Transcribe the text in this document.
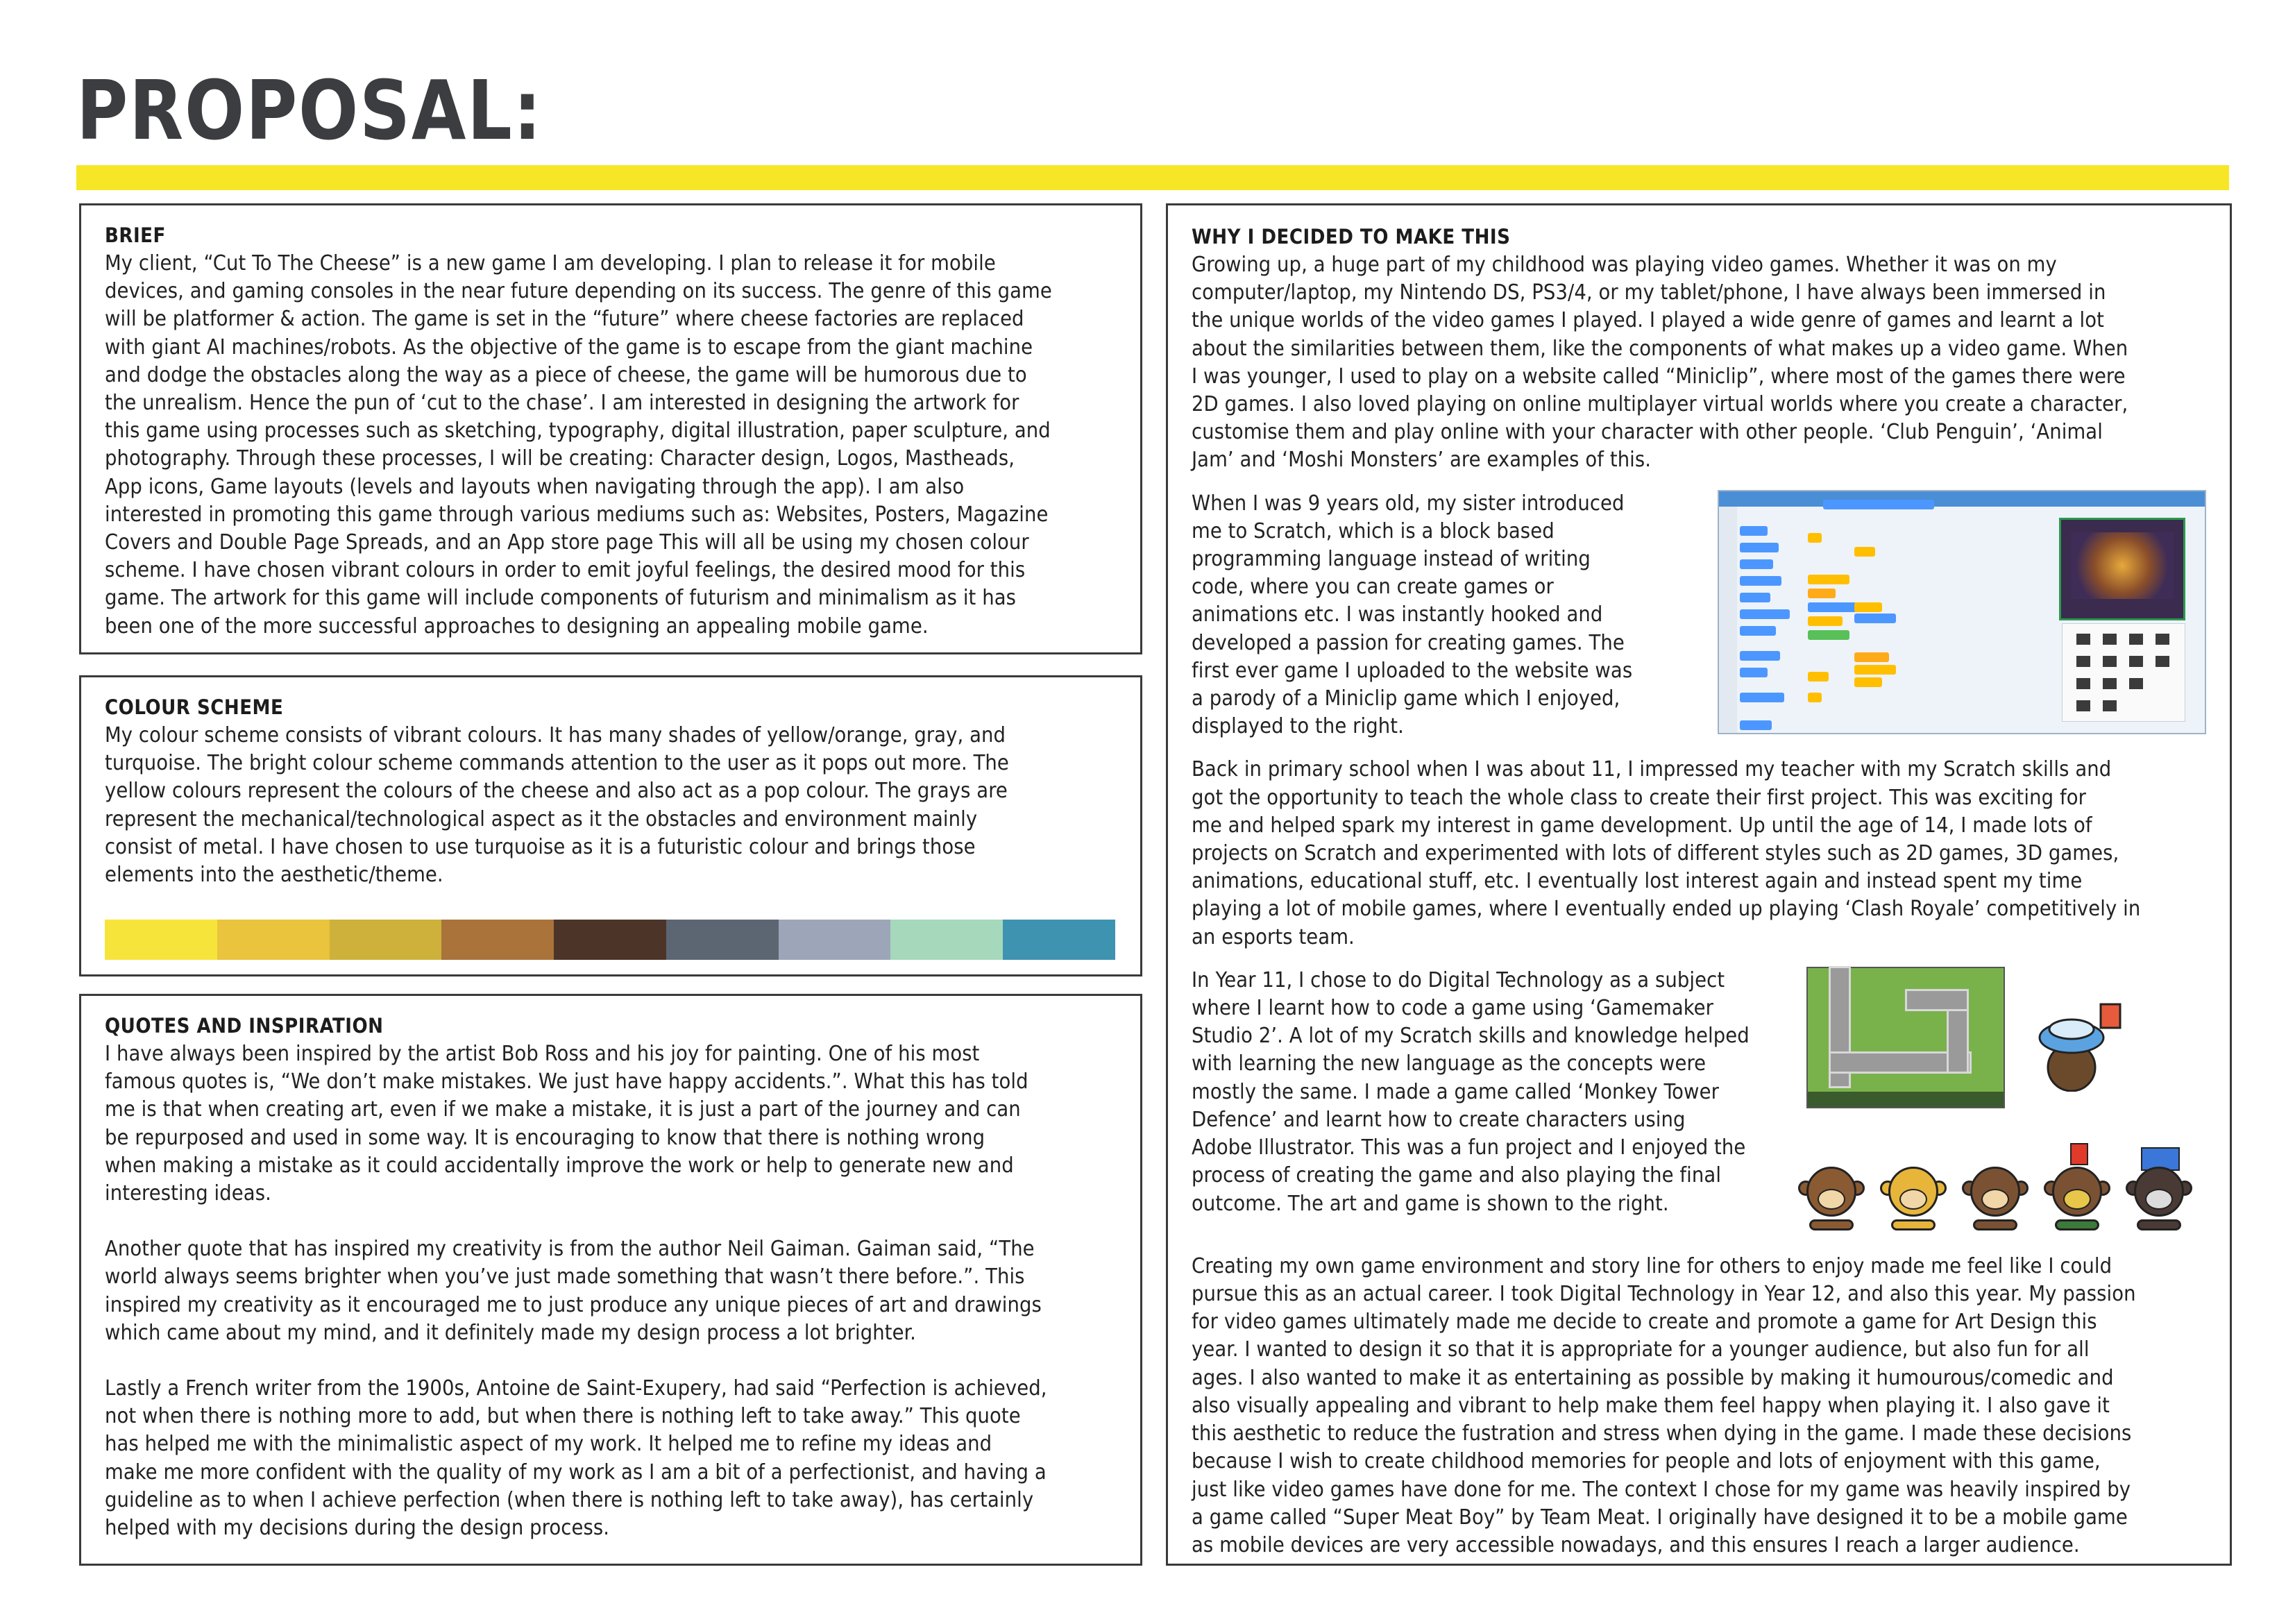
PROPOSAL:
BRIEF

My client, “Cut To The Cheese” is a new game I am developing. I plan to release it for mobile
devices, and gaming consoles in the near future depending on its success. The genre of this game
will be platformer & action. The game is set in the “future” where cheese factories are replaced
with giant AI machines/robots. As the objective of the game is to escape from the giant machine
and dodge the obstacles along the way as a piece of cheese, the game will be humorous due to
the unrealism. Hence the pun of ‘cut to the chase’. I am interested in designing the artwork for
this game using processes such as sketching, typography, digital illustration, paper sculpture, and
photography. Through these processes, I will be creating: Character design, Logos, Mastheads,
App icons, Game layouts (levels and layouts when navigating through the app). I am also
interested in promoting this game through various mediums such as: Websites, Posters, Magazine
Covers and Double Page Spreads, and an App store page This will all be using my chosen colour
scheme. I have chosen vibrant colours in order to emit joyful feelings, the desired mood for this
game. The artwork for this game will include components of futurism and minimalism as it has
been one of the more successful approaches to designing an appealing mobile game.

COLOUR SCHEME

My colour scheme consists of vibrant colours. It has many shades of yellow/orange, gray, and
turquoise. The bright colour scheme commands attention to the user as it pops out more. The
yellow colours represent the colours of the cheese and also act as a pop colour. The grays are
represent the mechanical/technological aspect as it the obstacles and environment mainly
consist of metal. I have chosen to use turquoise as it is a futuristic colour and brings those
elements into the aesthetic/theme.

QUOTES AND INSPIRATION

I have always been inspired by the artist Bob Ross and his joy for painting. One of his most
famous quotes is, “We don’t make mistakes. We just have happy accidents.”. What this has told
me is that when creating art, even if we make a mistake, it is just a part of the journey and can
be repurposed and used in some way. It is encouraging to know that there is nothing wrong
when making a mistake as it could accidentally improve the work or help to generate new and
interesting ideas.

Another quote that has inspired my creativity is from the author Neil Gaiman. Gaiman said, “The
world always seems brighter when you’ve just made something that wasn’t there before.”. This
inspired my creativity as it encouraged me to just produce any unique pieces of art and drawings
which came about my mind, and it definitely made my design process a lot brighter.

Lastly a French writer from the 1900s, Antoine de Saint-Exupery, had said “Perfection is achieved,
not when there is nothing more to add, but when there is nothing left to take away.” This quote
has helped me with the minimalistic aspect of my work. It helped me to refine my ideas and
make me more confident with the quality of my work as I am a bit of a perfectionist, and having a
guideline as to when I achieve perfection (when there is nothing left to take away), has certainly
helped with my decisions during the design process.

WHY I DECIDED TO MAKE THIS

Growing up, a huge part of my childhood was playing video games. Whether it was on my
computer/laptop, my Nintendo DS, PS3/4, or my tablet/phone, I have always been immersed in
the unique worlds of the video games I played. I played a wide genre of games and learnt a lot
about the similarities between them, like the components of what makes up a video game. When
I was younger, I used to play on a website called “Miniclip”, where most of the games there were
2D games. I also loved playing on online multiplayer virtual worlds where you create a character,
customise them and play online with your character with other people. ‘Club Penguin’, ‘Animal
Jam’ and ‘Moshi Monsters’ are examples of this.

When I was 9 years old, my sister introduced
me to Scratch, which is a block based
programming language instead of writing
code, where you can create games or
animations etc. I was instantly hooked and
developed a passion for creating games. The
first ever game I uploaded to the website was
a parody of a Miniclip game which I enjoyed,
displayed to the right.

Back in primary school when I was about 11, I impressed my teacher with my Scratch skills and
got the opportunity to teach the whole class to create their first project. This was exciting for
me and helped spark my interest in game development. Up until the age of 14, I made lots of
projects on Scratch and experimented with lots of different styles such as 2D games, 3D games,
animations, educational stuff, etc. I eventually lost interest again and instead spent my time
playing a lot of mobile games, where I eventually ended up playing ‘Clash Royale’ competitively in
an esports team.

In Year 11, I chose to do Digital Technology as a subject
where I learnt how to code a game using ‘Gamemaker
Studio 2’. A lot of my Scratch skills and knowledge helped
with learning the new language as the concepts were
mostly the same. I made a game called ‘Monkey Tower
Defence’ and learnt how to create characters using
Adobe Illustrator. This was a fun project and I enjoyed the
process of creating the game and also playing the final
outcome. The art and game is shown to the right.

Creating my own game environment and story line for others to enjoy made me feel like I could
pursue this as an actual career. I took Digital Technology in Year 12, and also this year. My passion
for video games ultimately made me decide to create and promote a game for Art Design this
year. I wanted to design it so that it is appropriate for a younger audience, but also fun for all
ages. I also wanted to make it as entertaining as possible by making it humourous/comedic and
also visually appealing and vibrant to help make them feel happy when playing it. I also gave it
this aesthetic to reduce the fustration and stress when dying in the game. I made these decisions
because I wish to create childhood memories for people and lots of enjoyment with this game,
just like video games have done for me. The context I chose for my game was heavily inspired by
a game called “Super Meat Boy” by Team Meat. I originally have designed it to be a mobile game
as mobile devices are very accessible nowadays, and this ensures I reach a larger audience.
